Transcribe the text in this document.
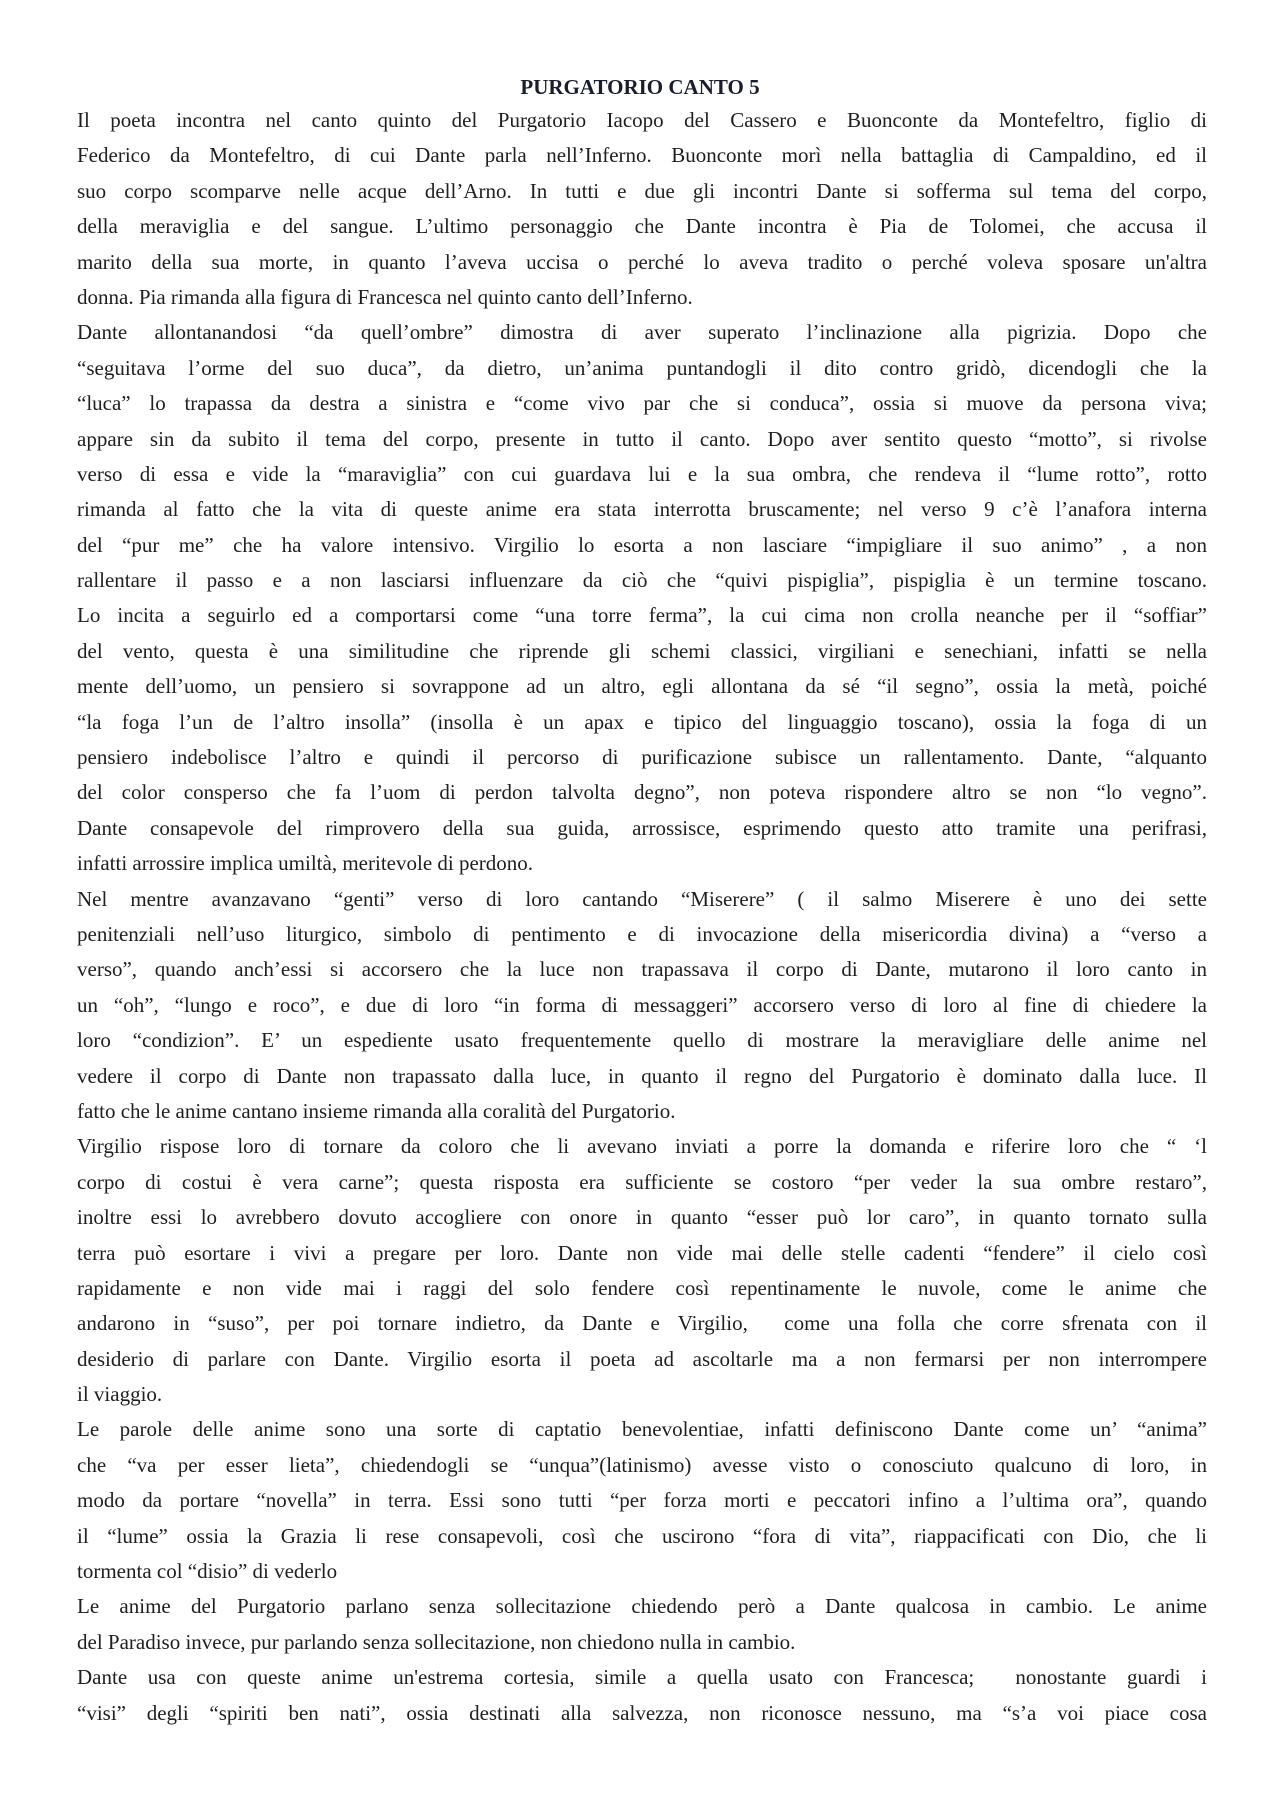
PURGATORIO CANTO 5
Il poeta incontra nel canto quinto del Purgatorio Iacopo del Cassero e Buonconte da Montefeltro, figlio di
Federico da Montefeltro, di cui Dante parla nell’Inferno. Buonconte morì nella battaglia di Campaldino, ed il
suo corpo scomparve nelle acque dell’Arno. In tutti e due gli incontri Dante si sofferma sul tema del corpo,
della meraviglia e del sangue. L’ultimo personaggio che Dante incontra è Pia de Tolomei, che accusa il
marito della sua morte, in quanto l’aveva uccisa o perché lo aveva tradito o perché voleva sposare un'altra
donna. Pia rimanda alla figura di Francesca nel quinto canto dell’Inferno.
Dante allontanandosi “da quell’ombre” dimostra di aver superato l’inclinazione alla pigrizia. Dopo che
“seguitava l’orme del suo duca”, da dietro, un’anima puntandogli il dito contro gridò, dicendogli che la
“luca” lo trapassa da destra a sinistra e “come vivo par che si conduca”, ossia si muove da persona viva;
appare sin da subito il tema del corpo, presente in tutto il canto. Dopo aver sentito questo “motto”, si rivolse
verso di essa e vide la “maraviglia” con cui guardava lui e la sua ombra, che rendeva il “lume rotto”, rotto
rimanda al fatto che la vita di queste anime era stata interrotta bruscamente; nel verso 9 c’è l’anafora interna
del “pur me” che ha valore intensivo. Virgilio lo esorta a non lasciare “impigliare il suo animo” , a non
rallentare il passo e a non lasciarsi influenzare da ciò che “quivi pispiglia”, pispiglia è un termine toscano.
Lo incita a seguirlo ed a comportarsi come “una torre ferma”, la cui cima non crolla neanche per il “soffiar”
del vento, questa è una similitudine che riprende gli schemi classici, virgiliani e senechiani, infatti se nella
mente dell’uomo, un pensiero si sovrappone ad un altro, egli allontana da sé “il segno”, ossia la metà, poiché
“la foga l’un de l’altro insolla” (insolla è un apax e tipico del linguaggio toscano), ossia la foga di un
pensiero indebolisce l’altro e quindi il percorso di purificazione subisce un rallentamento. Dante, “alquanto
del color consperso che fa l’uom di perdon talvolta degno”, non poteva rispondere altro se non “lo vegno”.
Dante consapevole del rimprovero della sua guida, arrossisce, esprimendo questo atto tramite una perifrasi,
infatti arrossire implica umiltà, meritevole di perdono.
Nel mentre avanzavano “genti” verso di loro cantando “Miserere” ( il salmo Miserere è uno dei sette
penitenziali nell’uso liturgico, simbolo di pentimento e di invocazione della misericordia divina) a “verso a
verso”, quando anch’essi si accorsero che la luce non trapassava il corpo di Dante, mutarono il loro canto in
un “oh”, “lungo e roco”, e due di loro “in forma di messaggeri” accorsero verso di loro al fine di chiedere la
loro “condizion”. E’ un espediente usato frequentemente quello di mostrare la meravigliare delle anime nel
vedere il corpo di Dante non trapassato dalla luce, in quanto il regno del Purgatorio è dominato dalla luce. Il
fatto che le anime cantano insieme rimanda alla coralità del Purgatorio.
Virgilio rispose loro di tornare da coloro che li avevano inviati a porre la domanda e riferire loro che “ ‘l
corpo di costui è vera carne”; questa risposta era sufficiente se costoro “per veder la sua ombre restaro”,
inoltre essi lo avrebbero dovuto accogliere con onore in quanto “esser può lor caro”, in quanto tornato sulla
terra può esortare i vivi a pregare per loro. Dante non vide mai delle stelle cadenti “fendere” il cielo così
rapidamente e non vide mai i raggi del solo fendere così repentinamente le nuvole, come le anime che
andarono in “suso”, per poi tornare indietro, da Dante e Virgilio,  come una folla che corre sfrenata con il
desiderio di parlare con Dante. Virgilio esorta il poeta ad ascoltarle ma a non fermarsi per non interrompere
il viaggio.
Le parole delle anime sono una sorte di captatio benevolentiae, infatti definiscono Dante come un’ “anima”
che “va per esser lieta”, chiedendogli se “unqua”(latinismo) avesse visto o conosciuto qualcuno di loro, in
modo da portare “novella” in terra. Essi sono tutti “per forza morti e peccatori infino a l’ultima ora”, quando
il “lume” ossia la Grazia li rese consapevoli, così che uscirono “fora di vita”, riappacificati con Dio, che li
tormenta col “disio” di vederlo
Le anime del Purgatorio parlano senza sollecitazione chiedendo però a Dante qualcosa in cambio. Le anime
del Paradiso invece, pur parlando senza sollecitazione, non chiedono nulla in cambio.
Dante usa con queste anime un'estrema cortesia, simile a quella usato con Francesca;  nonostante guardi i
“visi” degli “spiriti ben nati”, ossia destinati alla salvezza, non riconosce nessuno, ma “s’a voi piace cosa
